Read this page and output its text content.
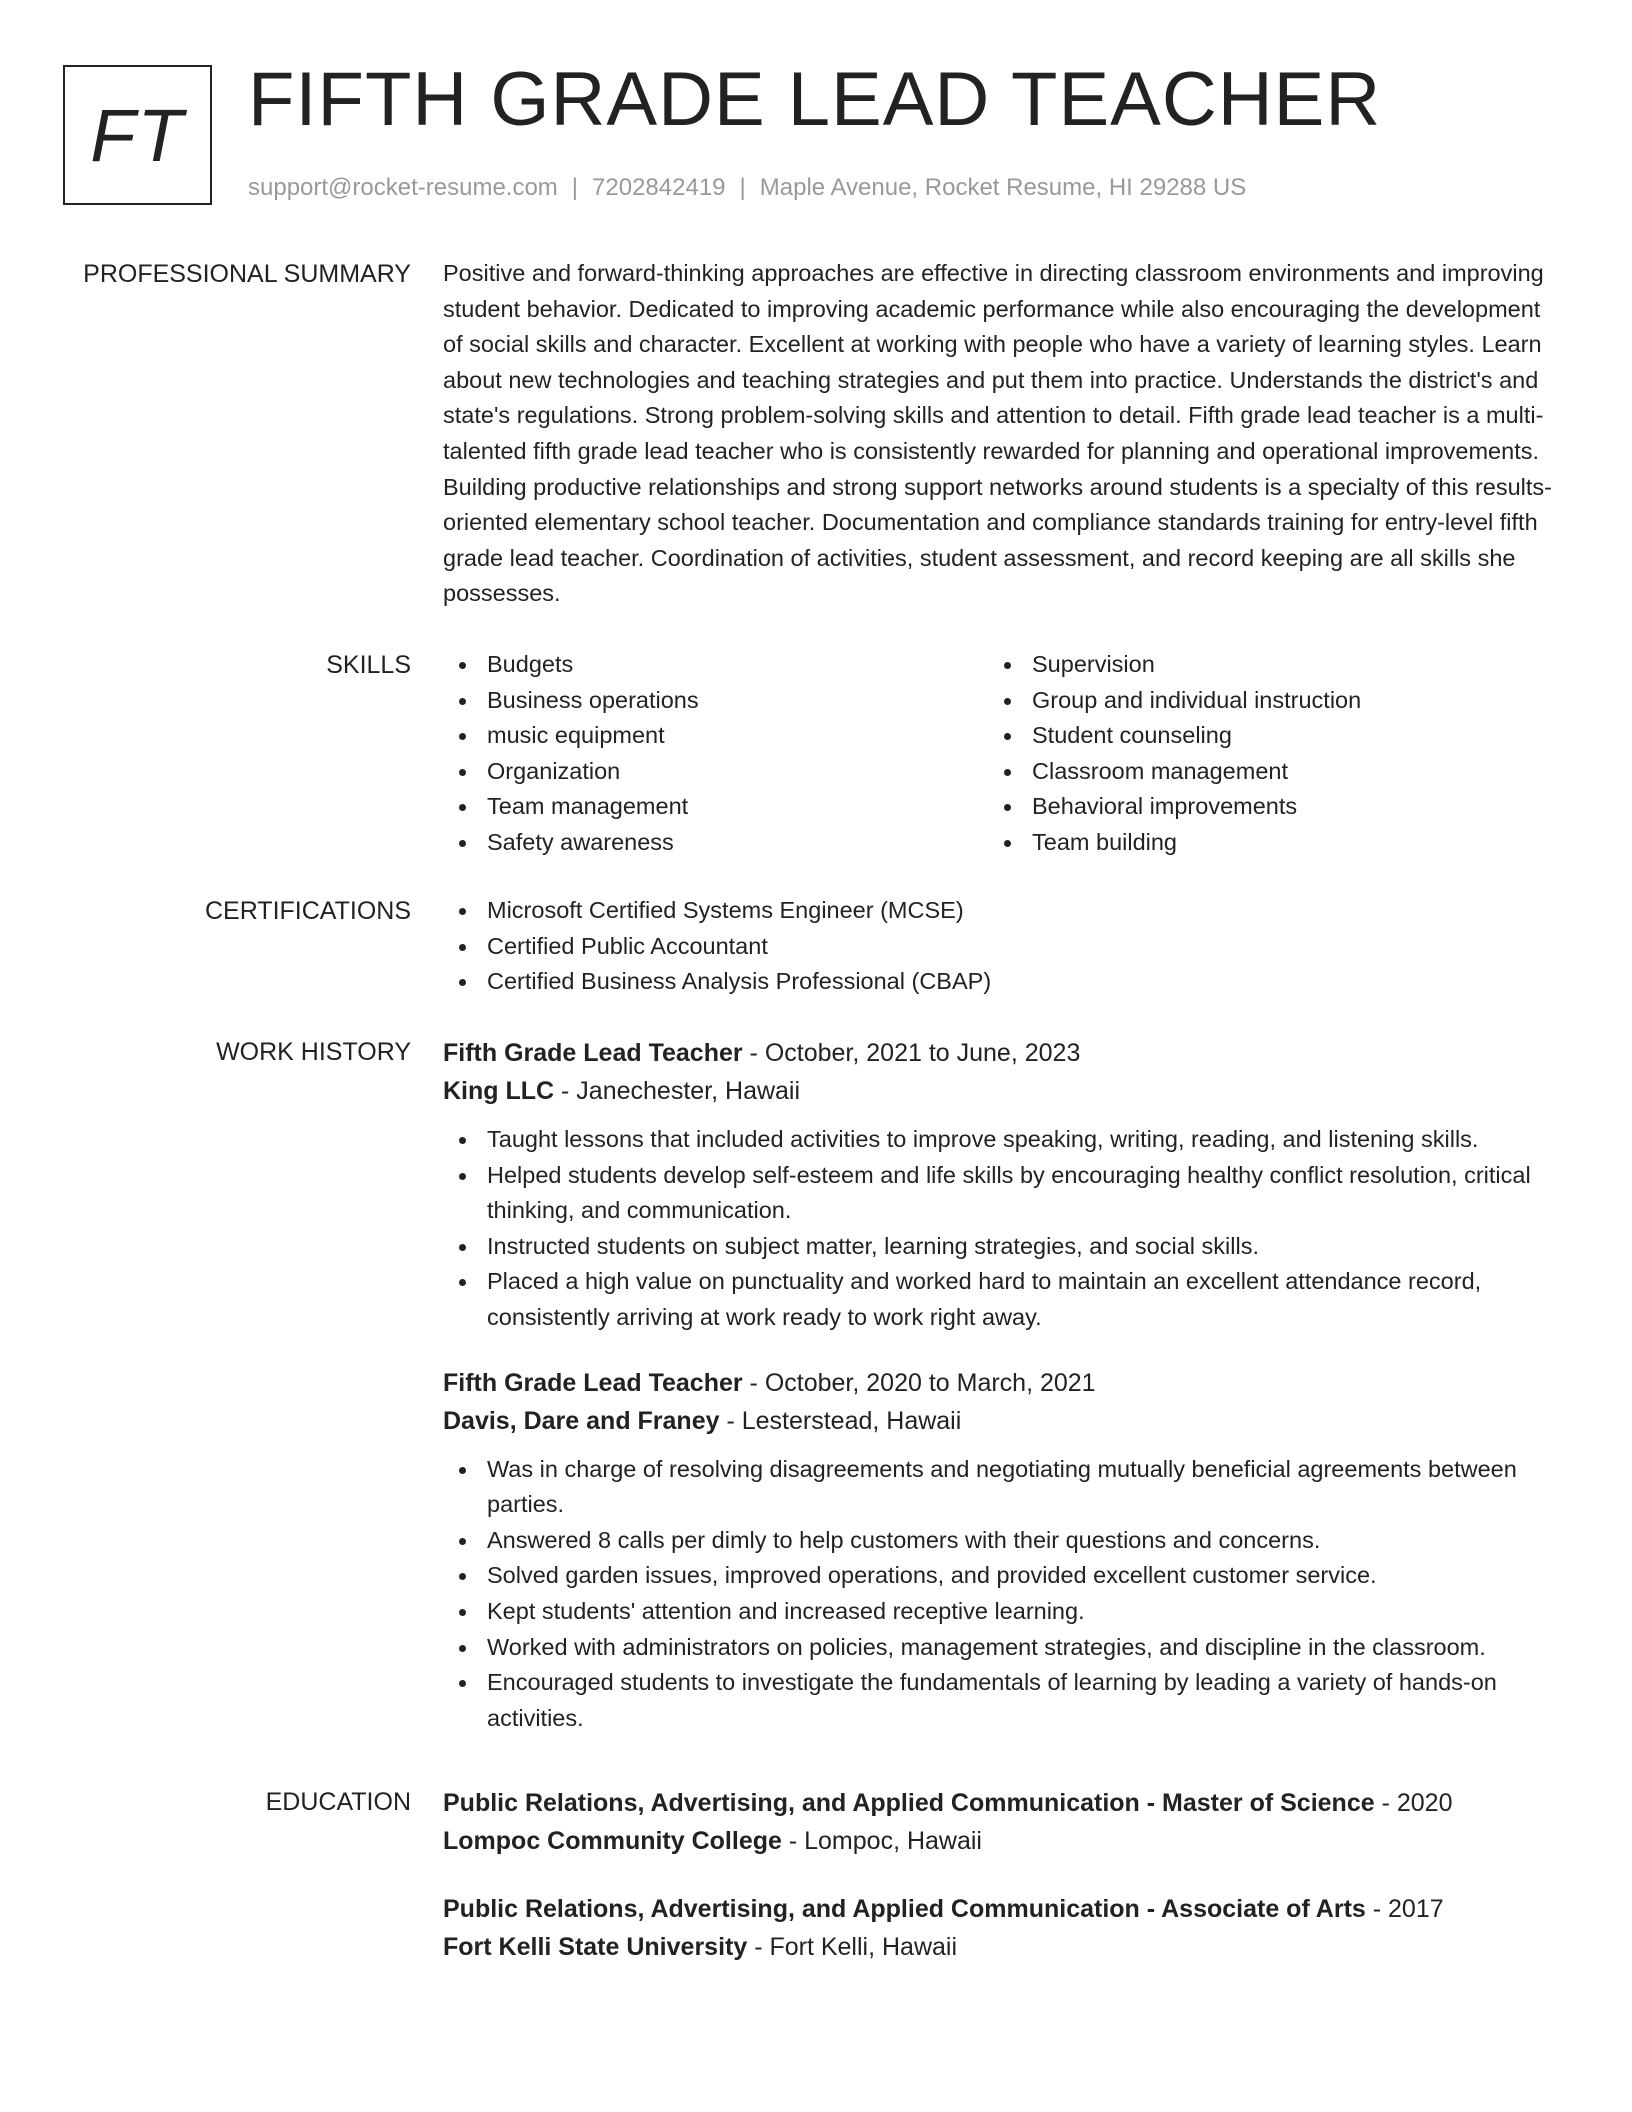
FT FIFTH GRADE LEAD TEACHER
support@rocket-resume.com | 7202842419 | Maple Avenue, Rocket Resume, HI 29288 US
PROFESSIONAL SUMMARY Positive and forward-thinking approaches are effective in directing classroom environments and improving student behavior. Dedicated to improving academic performance while also encouraging the development of social skills and character. Excellent at working with people who have a variety of learning styles. Learn about new technologies and teaching strategies and put them into practice. Understands the district's and state's regulations. Strong problem-solving skills and attention to detail. Fifth grade lead teacher is a multi-talented fifth grade lead teacher who is consistently rewarded for planning and operational improvements. Building productive relationships and strong support networks around students is a specialty of this results-oriented elementary school teacher. Documentation and compliance standards training for entry-level fifth grade lead teacher. Coordination of activities, student assessment, and record keeping are all skills she possesses.

SKILLS	Budgets
Business operations
music equipment
Organization
Team management
Safety awareness
Supervision
Group and individual instruction
Student counseling
Classroom management
Behavioral improvements
Team building
CERTIFICATIONS	Microsoft Certified Systems Engineer (MCSE)
Certified Public Accountant
Certified Business Analysis Professional (CBAP)
WORK HISTORY Fifth Grade Lead Teacher - October, 2021 to June, 2023
King LLC - Janechester, Hawaii
Taught lessons that included activities to improve speaking, writing, reading, and listening skills.
Helped students develop self-esteem and life skills by encouraging healthy conflict resolution, critical thinking, and communication.
Instructed students on subject matter, learning strategies, and social skills.
Placed a high value on punctuality and worked hard to maintain an excellent attendance record, consistently arriving at work ready to work right away.
Fifth Grade Lead Teacher - October, 2020 to March, 2021
Davis, Dare and Franey - Lesterstead, Hawaii
Was in charge of resolving disagreements and negotiating mutually beneficial agreements between parties.
Answered 8 calls per dimly to help customers with their questions and concerns.
Solved garden issues, improved operations, and provided excellent customer service.
Kept students' attention and increased receptive learning.
Worked with administrators on policies, management strategies, and discipline in the classroom.
Encouraged students to investigate the fundamentals of learning by leading a variety of hands-on activities.
EDUCATION Public Relations, Advertising, and Applied Communication - Master of Science - 2020
Lompoc Community College - Lompoc, Hawaii
Public Relations, Advertising, and Applied Communication - Associate of Arts - 2017
Fort Kelli State University - Fort Kelli, Hawaii
